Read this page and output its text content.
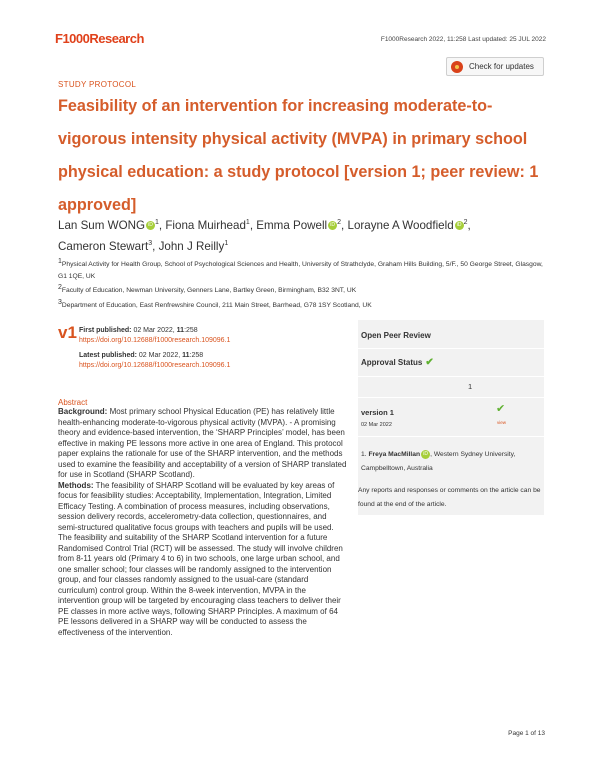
F1000Research	F1000Research 2022, 11:258 Last updated: 25 JUL 2022
Check for updates
STUDY PROTOCOL
Feasibility of an intervention for increasing moderate-to-vigorous intensity physical activity (MVPA) in primary school physical education: a study protocol [version 1; peer review: 1 approved]
Lan Sum WONG iD $^1$, Fiona Muirhead$^1$, Emma Powell iD $^2$, Lorayne A Woodfield iD $^2$,
Cameron Stewart$^3$, John J Reilly$^1$
$^1$Physical Activity for Health Group, School of Psychological Sciences and Health, University of Strathclyde, Graham Hills Building, 5/F., 50 George Street, Glasgow, G1 1QE, UK
$^2$Faculty of Education, Newman University, Genners Lane, Bartley Green, Birmingham, B32 3NT, UK
$^3$Department of Education, East Renfrewshire Council, 211 Main Street, Barrhead, G78 1SY Scotland, UK
v1 First published: 02 Mar 2022, 11:258
https://doi.org/10.12688/f1000research.109096.1
Latest published: 02 Mar 2022, 11:258
https://doi.org/10.12688/f1000research.109096.1
Open Peer Review
Approval Status ✔
1
version 1
02 Mar 2022
✔
view
1. Freya MacMillan iD , Western Sydney University, Campbelltown, Australia
Any reports and responses or comments on the article can be found at the end of the article.
Abstract
Background: Most primary school Physical Education (PE) has relatively little health-enhancing moderate-to-vigorous physical activity (MVPA). - A promising theory and evidence-based intervention, the ‘SHARP Principles’ model, has been effective in making PE lessons more active in one area of England. This protocol paper explains the rationale for use of the SHARP intervention, and the methods used to examine the feasibility and acceptability of a version of SHARP translated for use in Scotland (SHARP Scotland).
Methods: The feasibility of SHARP Scotland will be evaluated by key areas of focus for feasibility studies: Acceptability, Implementation, Integration, Limited Efficacy Testing. A combination of process measures, including observations, session delivery records, accelerometry-data collection, questionnaires, and semi-structured qualitative focus groups with teachers and pupils will be used. The feasibility and suitability of the SHARP Scotland intervention for a future Randomised Control Trial (RCT) will be assessed. The study will involve children from 8-11 years old (Primary 4 to 6) in two schools, one large urban school, and one smaller school; four classes will be randomly assigned to the intervention group, and four classes randomly assigned to the usual-care (standard curriculum) control group. Within the 8-week intervention, MVPA in the intervention group will be targeted by encouraging class teachers to deliver their PE classes in more active ways, following SHARP Principles. A maximum of 64 PE lessons delivered in a SHARP way will be conducted to assess the effectiveness of the intervention.
Page 1 of 13
